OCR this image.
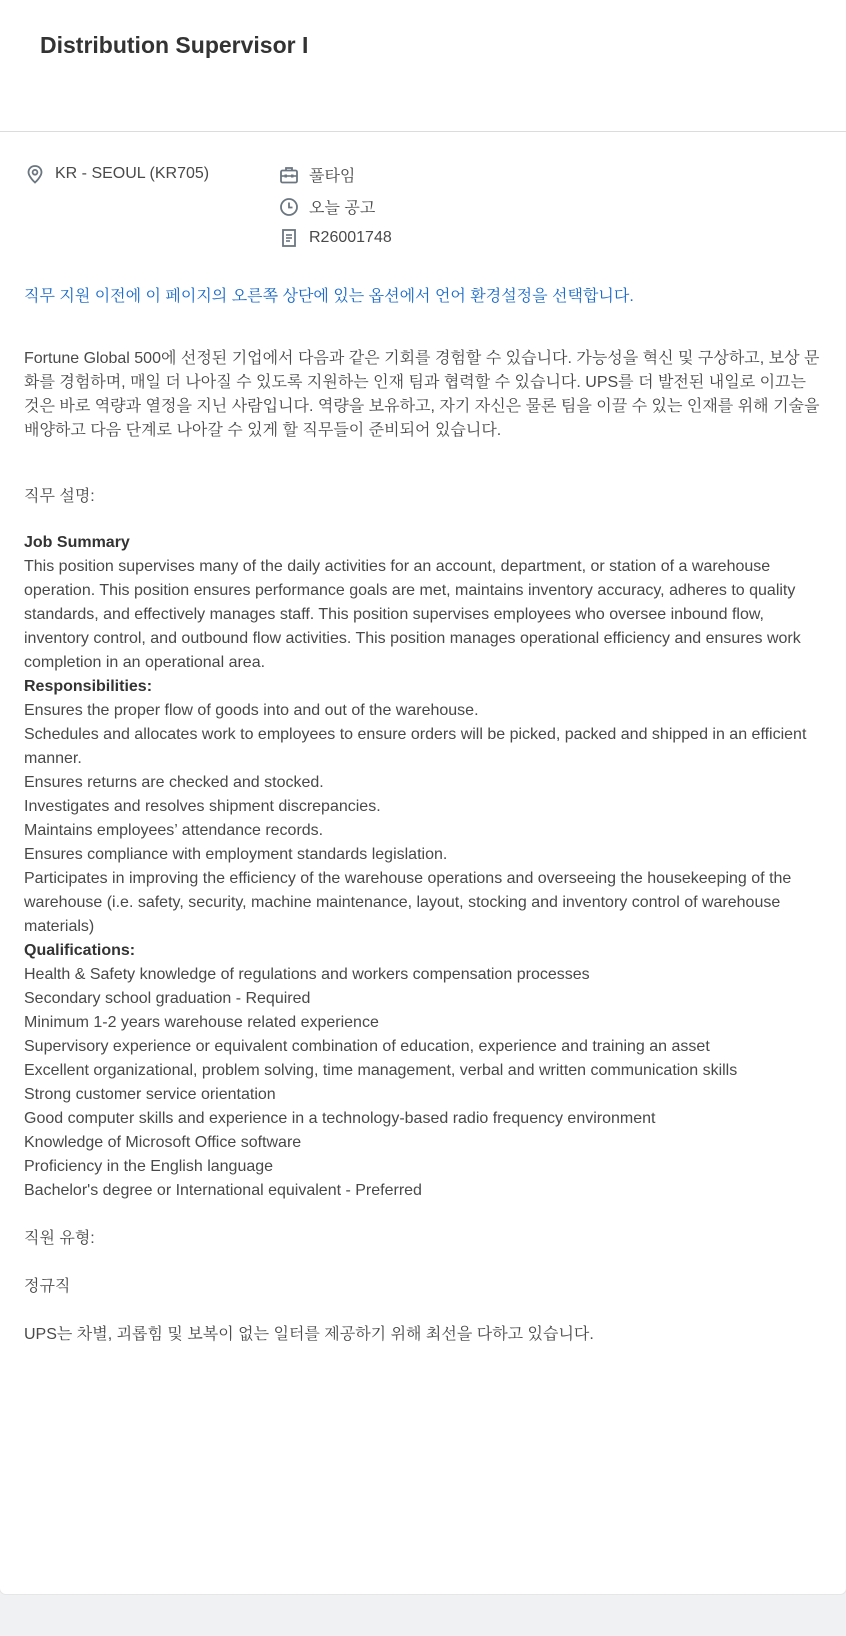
Distribution Supervisor I
KR - SEOUL (KR705)	풀타임
오늘 공고
R26001748

직무 지원 이전에 이 페이지의 오른쪽 상단에 있는 옵션에서 언어 환경설정을 선택합니다.

Fortune Global 500에 선정된 기업에서 다음과 같은 기회를 경험할 수 있습니다. 가능성을 혁신 및 구상하고, 보상 문화를 경험하며, 매일 더 나아질 수 있도록 지원하는 인재 팀과 협력할 수 있습니다. UPS를 더 발전된 내일로 이끄는 것은 바로 역량과 열정을 지닌 사람입니다. 역량을 보유하고, 자기 자신은 물론 팀을 이끌 수 있는 인재를 위해 기술을 배양하고 다음 단계로 나아갈 수 있게 할 직무들이 준비되어 있습니다.

직무 설명:

Job Summary

This position supervises many of the daily activities for an account, department, or station of a warehouse operation. This position ensures performance goals are met, maintains inventory accuracy, adheres to quality standards, and effectively manages staff. This position supervises employees who oversee inbound flow, inventory control, and outbound flow activities. This position manages operational efficiency and ensures work completion in an operational area.

Responsibilities:

Ensures the proper flow of goods into and out of the warehouse.

Schedules and allocates work to employees to ensure orders will be picked, packed and shipped in an efficient manner.

Ensures returns are checked and stocked.

Investigates and resolves shipment discrepancies.

Maintains employees’ attendance records.

Ensures compliance with employment standards legislation.

Participates in improving the efficiency of the warehouse operations and overseeing the housekeeping of the warehouse (i.e. safety, security, machine maintenance, layout, stocking and inventory control of warehouse materials)

Qualifications:

Health & Safety knowledge of regulations and workers compensation processes

Secondary school graduation - Required

Minimum 1-2 years warehouse related experience

Supervisory experience or equivalent combination of education, experience and training an asset

Excellent organizational, problem solving, time management, verbal and written communication skills

Strong customer service orientation

Good computer skills and experience in a technology-based radio frequency environment

Knowledge of Microsoft Office software

Proficiency in the English language

Bachelor's degree or International equivalent - Preferred

직원 유형:

정규직

UPS는 차별, 괴롭힘 및 보복이 없는 일터를 제공하기 위해 최선을 다하고 있습니다.
